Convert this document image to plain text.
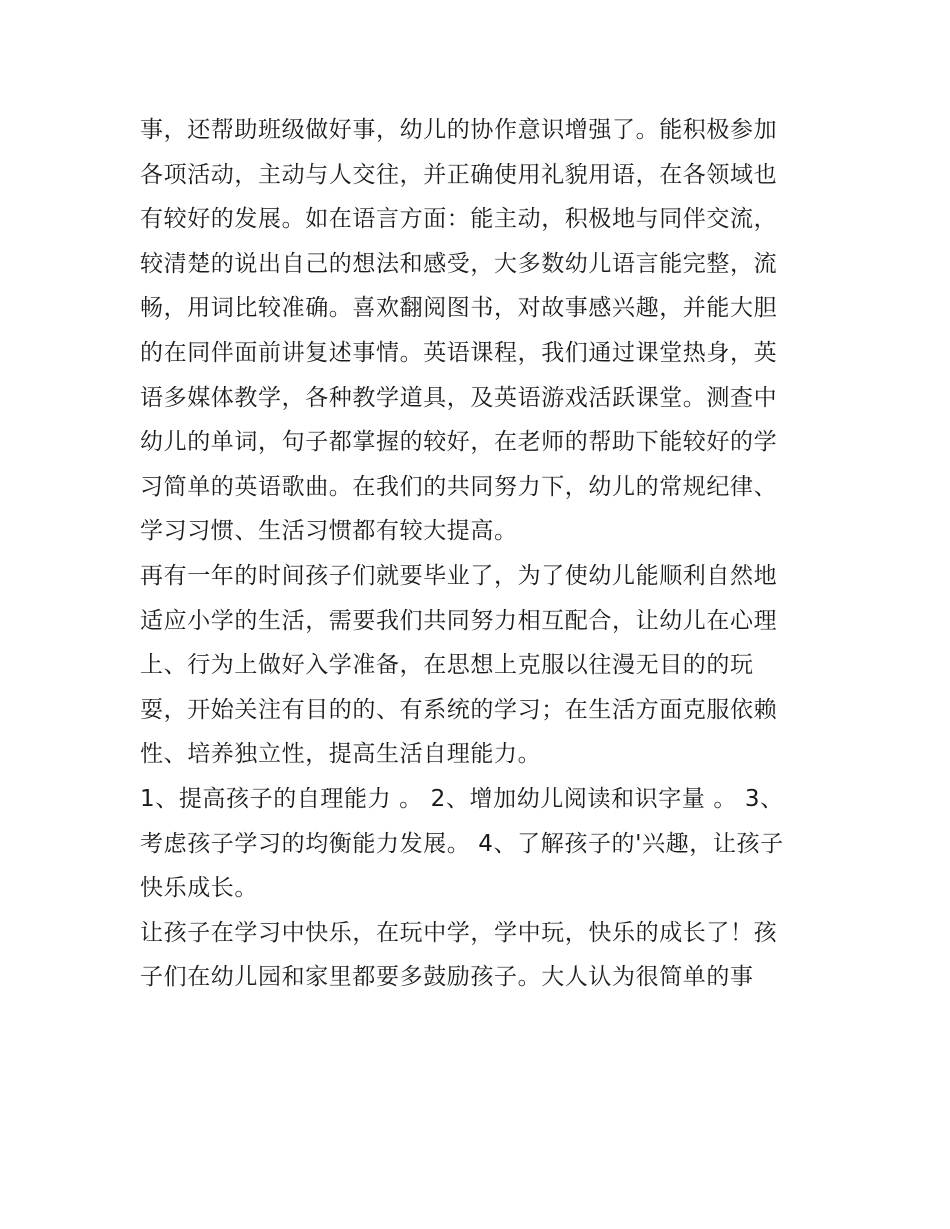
事，还帮助班级做好事，幼儿的协作意识增强了。能积极参加
各项活动，主动与人交往，并正确使用礼貌用语，在各领域也
有较好的发展。如在语言方面：能主动，积极地与同伴交流，
较清楚的说出自己的想法和感受，大多数幼儿语言能完整，流
畅，用词比较准确。喜欢翻阅图书，对故事感兴趣，并能大胆
的在同伴面前讲复述事情。英语课程，我们通过课堂热身，英
语多媒体教学，各种教学道具，及英语游戏活跃课堂。测查中
幼儿的单词，句子都掌握的较好，在老师的帮助下能较好的学
习简单的英语歌曲。在我们的共同努力下，幼儿的常规纪律、
学习习惯、生活习惯都有较大提高。
再有一年的时间孩子们就要毕业了，为了使幼儿能顺利自然地
适应小学的生活，需要我们共同努力相互配合，让幼儿在心理
上、行为上做好入学准备，在思想上克服以往漫无目的的玩
耍，开始关注有目的的、有系统的学习；在生活方面克服依赖
性、培养独立性，提高生活自理能力。
1、提高孩子的自理能力 。 2、增加幼儿阅读和识字量 。 3、
考虑孩子学习的均衡能力发展。 4、了解孩子的'兴趣，让孩子
快乐成长。
让孩子在学习中快乐，在玩中学，学中玩，快乐的成长了！孩
子们在幼儿园和家里都要多鼓励孩子。大人认为很简单的事
